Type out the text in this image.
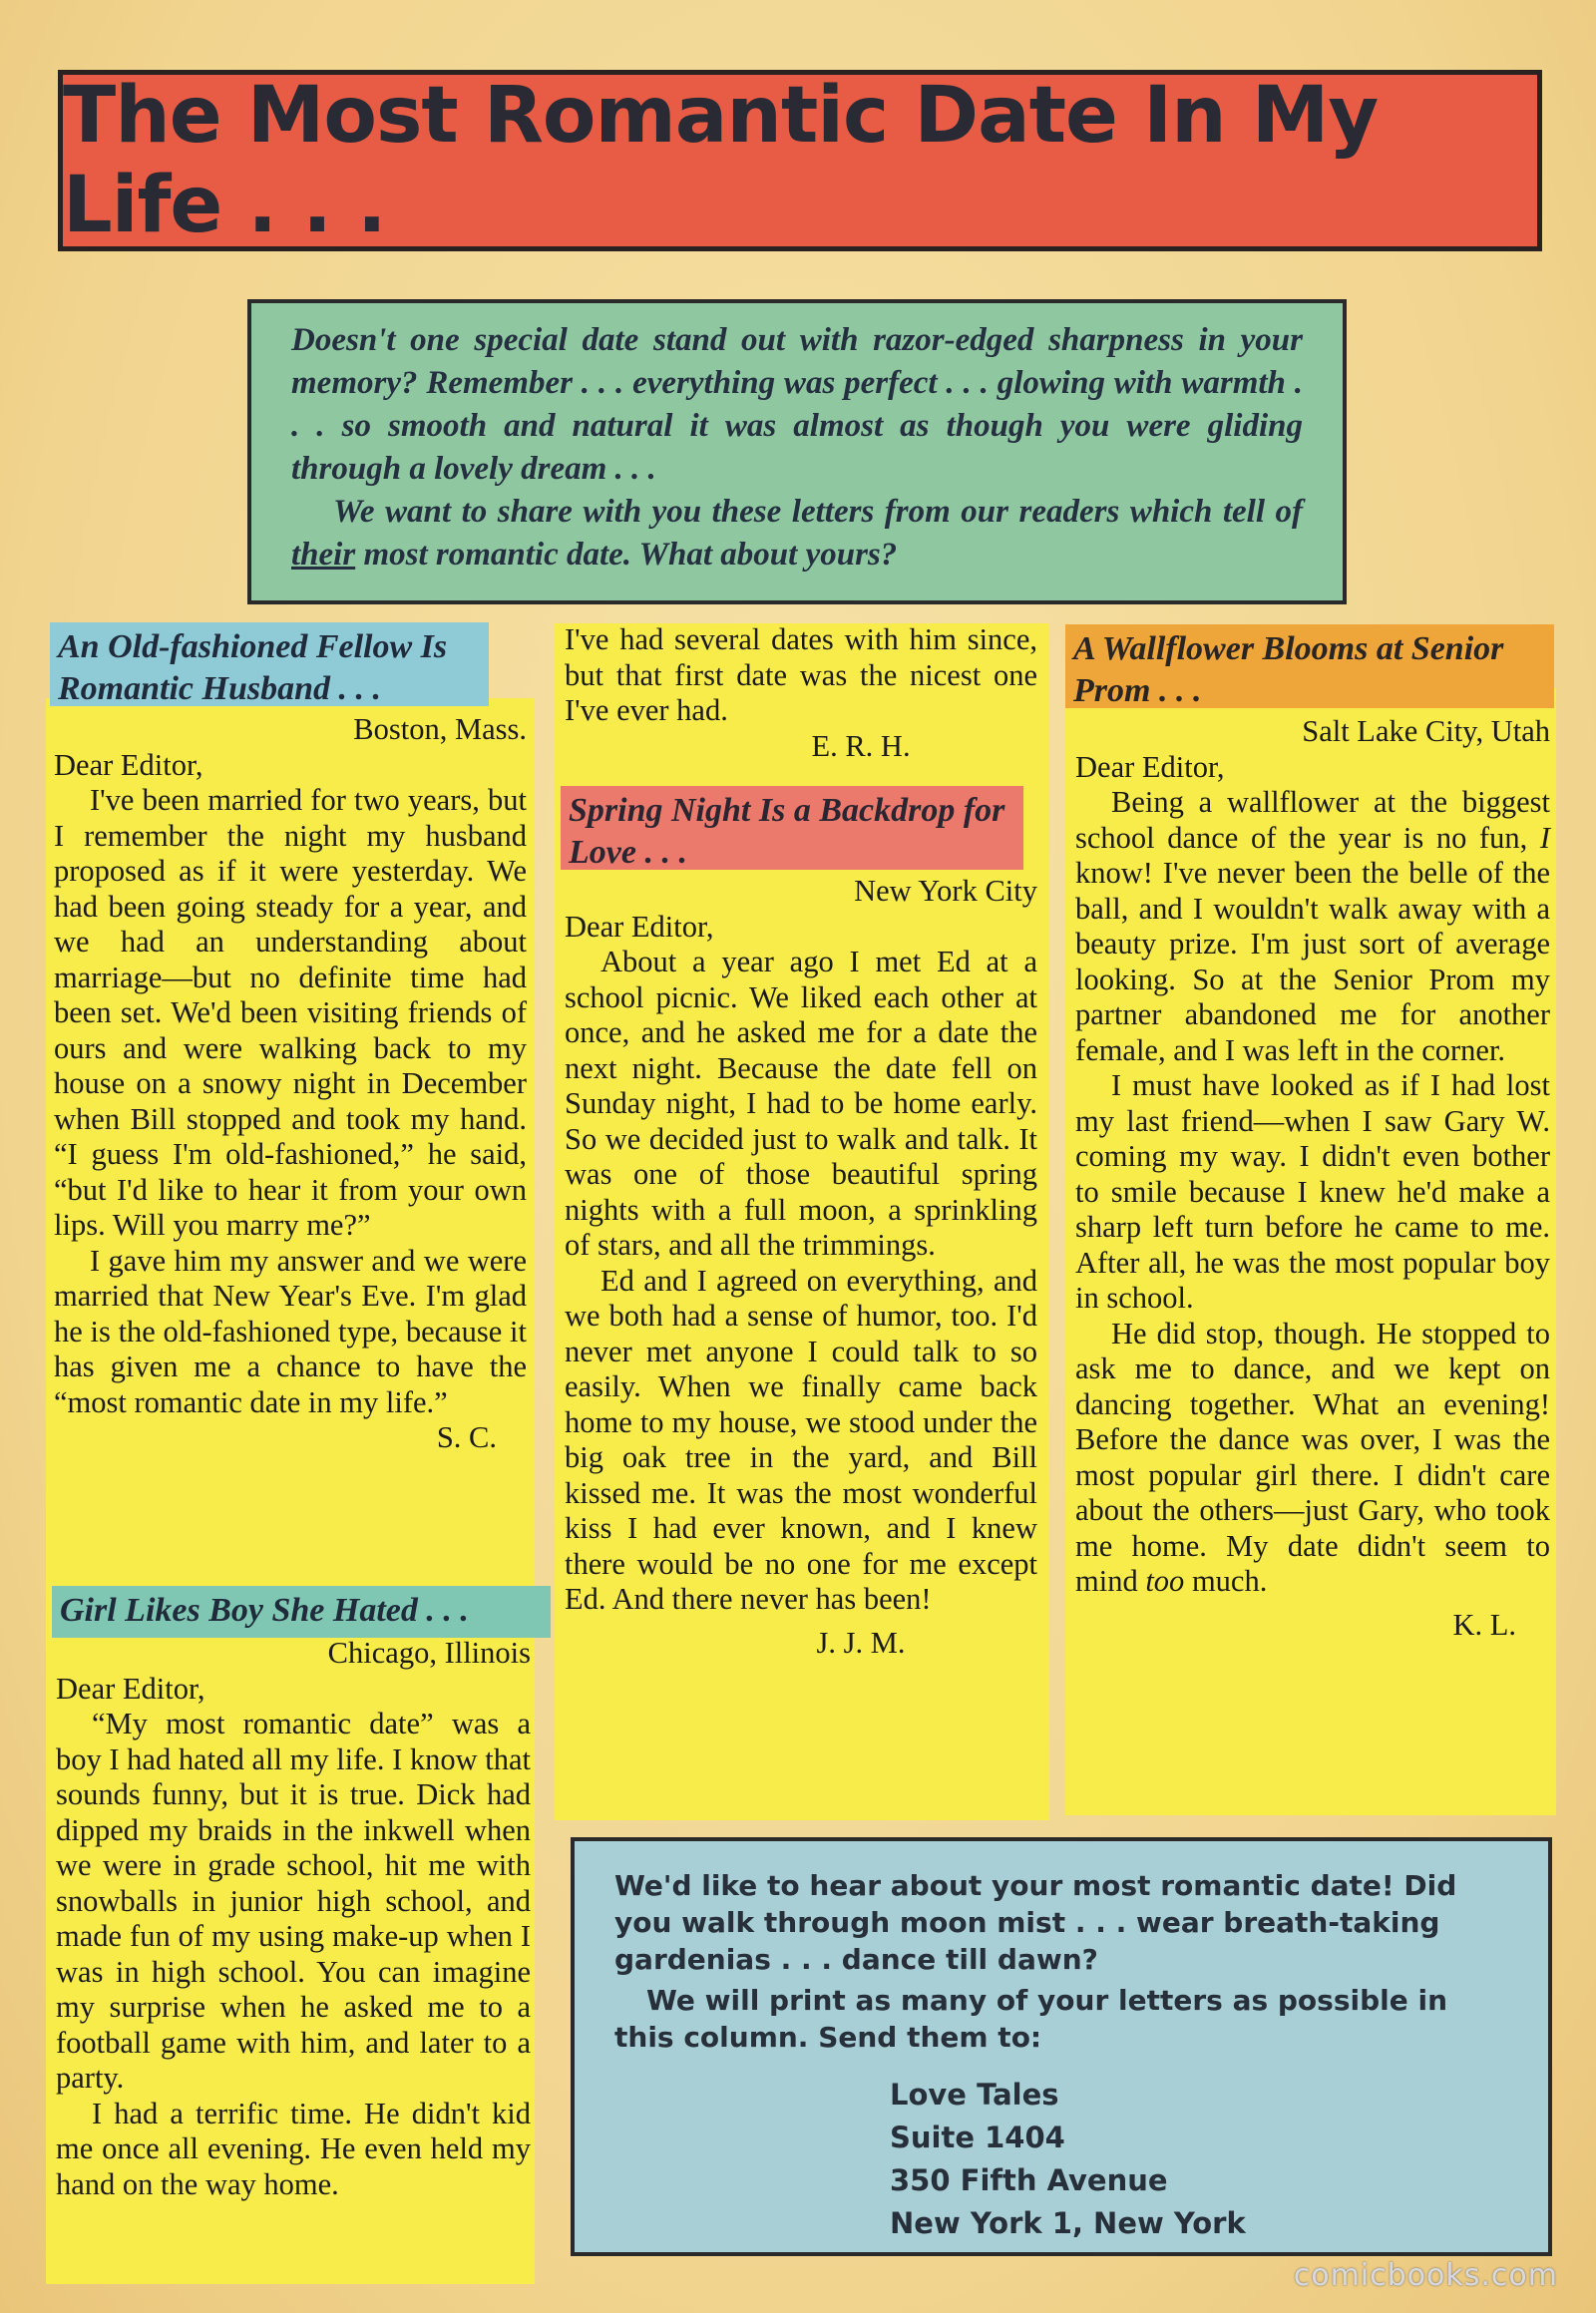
The Most Romantic Date In My Life . . .

Doesn't one special date stand out with razor-edged sharpness in your memory? Remember . . . everything was perfect . . . glowing with warmth . . . so smooth and natural it was almost as though you were gliding through a lovely dream . . .

We want to share with you these letters from our readers which tell of their most romantic date. What about yours?

An Old-fashioned Fellow Is Romantic Husband . . .

Boston, Mass.

Dear Editor,

I've been married for two years, but I remember the night my husband proposed as if it were yesterday. We had been going steady for a year, and we had an understanding about marriage—but no definite time had been set. We'd been visiting friends of ours and were walking back to my house on a snowy night in December when Bill stopped and took my hand. “I guess I'm old-fashioned,” he said, “but I'd like to hear it from your own lips. Will you marry me?”

I gave him my answer and we were married that New Year's Eve. I'm glad he is the old-fashioned type, because it has given me a chance to have the “most romantic date in my life.”

S. C.

Girl Likes Boy She Hated . . .

Chicago, Illinois

Dear Editor,

“My most romantic date” was a boy I had hated all my life. I know that sounds funny, but it is true. Dick had dipped my braids in the inkwell when we were in grade school, hit me with snowballs in junior high school, and made fun of my using make-up when I was in high school. You can imagine my surprise when he asked me to a football game with him, and later to a party.

I had a terrific time. He didn't kid me once all evening. He even held my hand on the way home.

I've had several dates with him since, but that first date was the nicest one I've ever had.

E. R. H.

Spring Night Is a Backdrop for Love . . .

New York City

Dear Editor,

About a year ago I met Ed at a school picnic. We liked each other at once, and he asked me for a date the next night. Because the date fell on Sunday night, I had to be home early. So we decided just to walk and talk. It was one of those beautiful spring nights with a full moon, a sprinkling of stars, and all the trimmings.

Ed and I agreed on everything, and we both had a sense of humor, too. I'd never met anyone I could talk to so easily. When we finally came back home to my house, we stood under the big oak tree in the yard, and Bill kissed me. It was the most wonderful kiss I had ever known, and I knew there would be no one for me except Ed. And there never has been!

J. J. M.

A Wallflower Blooms at Senior Prom . . .

Salt Lake City, Utah

Dear Editor,

Being a wallflower at the biggest school dance of the year is no fun, I know! I've never been the belle of the ball, and I wouldn't walk away with a beauty prize. I'm just sort of average looking. So at the Senior Prom my partner abandoned me for another female, and I was left in the corner.

I must have looked as if I had lost my last friend—when I saw Gary W. coming my way. I didn't even bother to smile because I knew he'd make a sharp left turn before he came to me. After all, he was the most popular boy in school.

He did stop, though. He stopped to ask me to dance, and we kept on dancing together. What an evening! Before the dance was over, I was the most popular girl there. I didn't care about the others—just Gary, who took me home. My date didn't seem to mind too much.

K. L.

We'd like to hear about your most romantic date! Did you walk through moon mist . . . wear breath-taking gardenias . . . dance till dawn?

We will print as many of your letters as possible in this column. Send them to:

Love Tales
Suite 1404
350 Fifth Avenue
New York 1, New York
comicbooks.com
